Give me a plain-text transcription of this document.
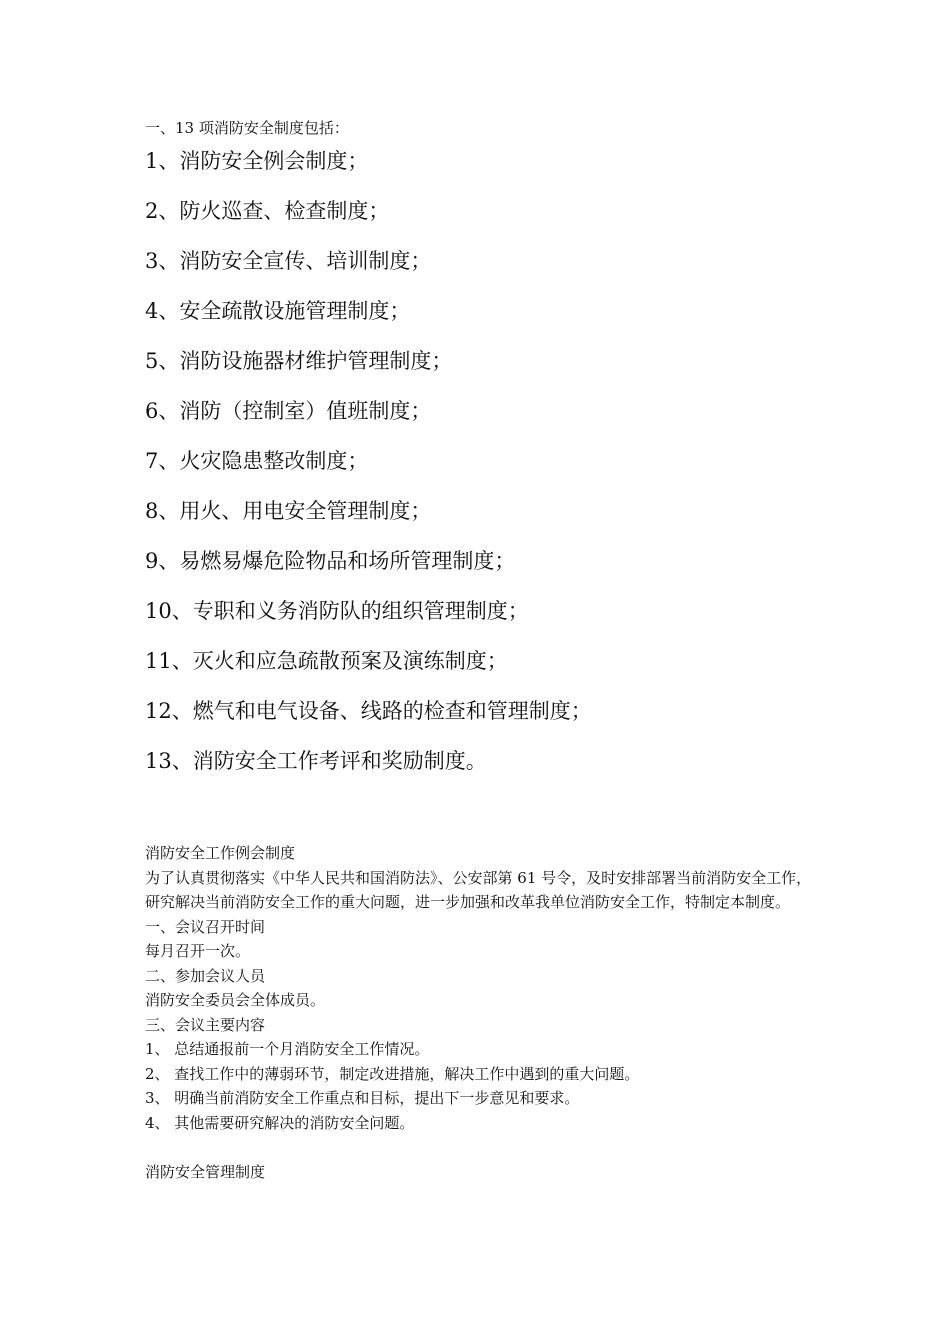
一、13 项消防安全制度包括：
1、消防安全例会制度；
2、防火巡查、检查制度；
3、消防安全宣传、培训制度；
4、安全疏散设施管理制度；
5、消防设施器材维护管理制度；
6、消防（控制室）值班制度；
7、火灾隐患整改制度；
8、用火、用电安全管理制度；
9、易燃易爆危险物品和场所管理制度；
10、专职和义务消防队的组织管理制度；
11、灭火和应急疏散预案及演练制度；
12、燃气和电气设备、线路的检查和管理制度；
13、消防安全工作考评和奖励制度。

消防安全工作例会制度

为了认真贯彻落实《中华人民共和国消防法》、公安部第 61 号令，及时安排部署当前消防安全工作，研究解决当前消防安全工作的重大问题，进一步加强和改革我单位消防安全工作，特制定本制度。

一、会议召开时间

每月召开一次。

二、参加会议人员

消防安全委员会全体成员。

三、会议主要内容

1、 总结通报前一个月消防安全工作情况。

2、 查找工作中的薄弱环节，制定改进措施，解决工作中遇到的重大问题。

3、 明确当前消防安全工作重点和目标，提出下一步意见和要求。

4、 其他需要研究解决的消防安全问题。

消防安全管理制度
